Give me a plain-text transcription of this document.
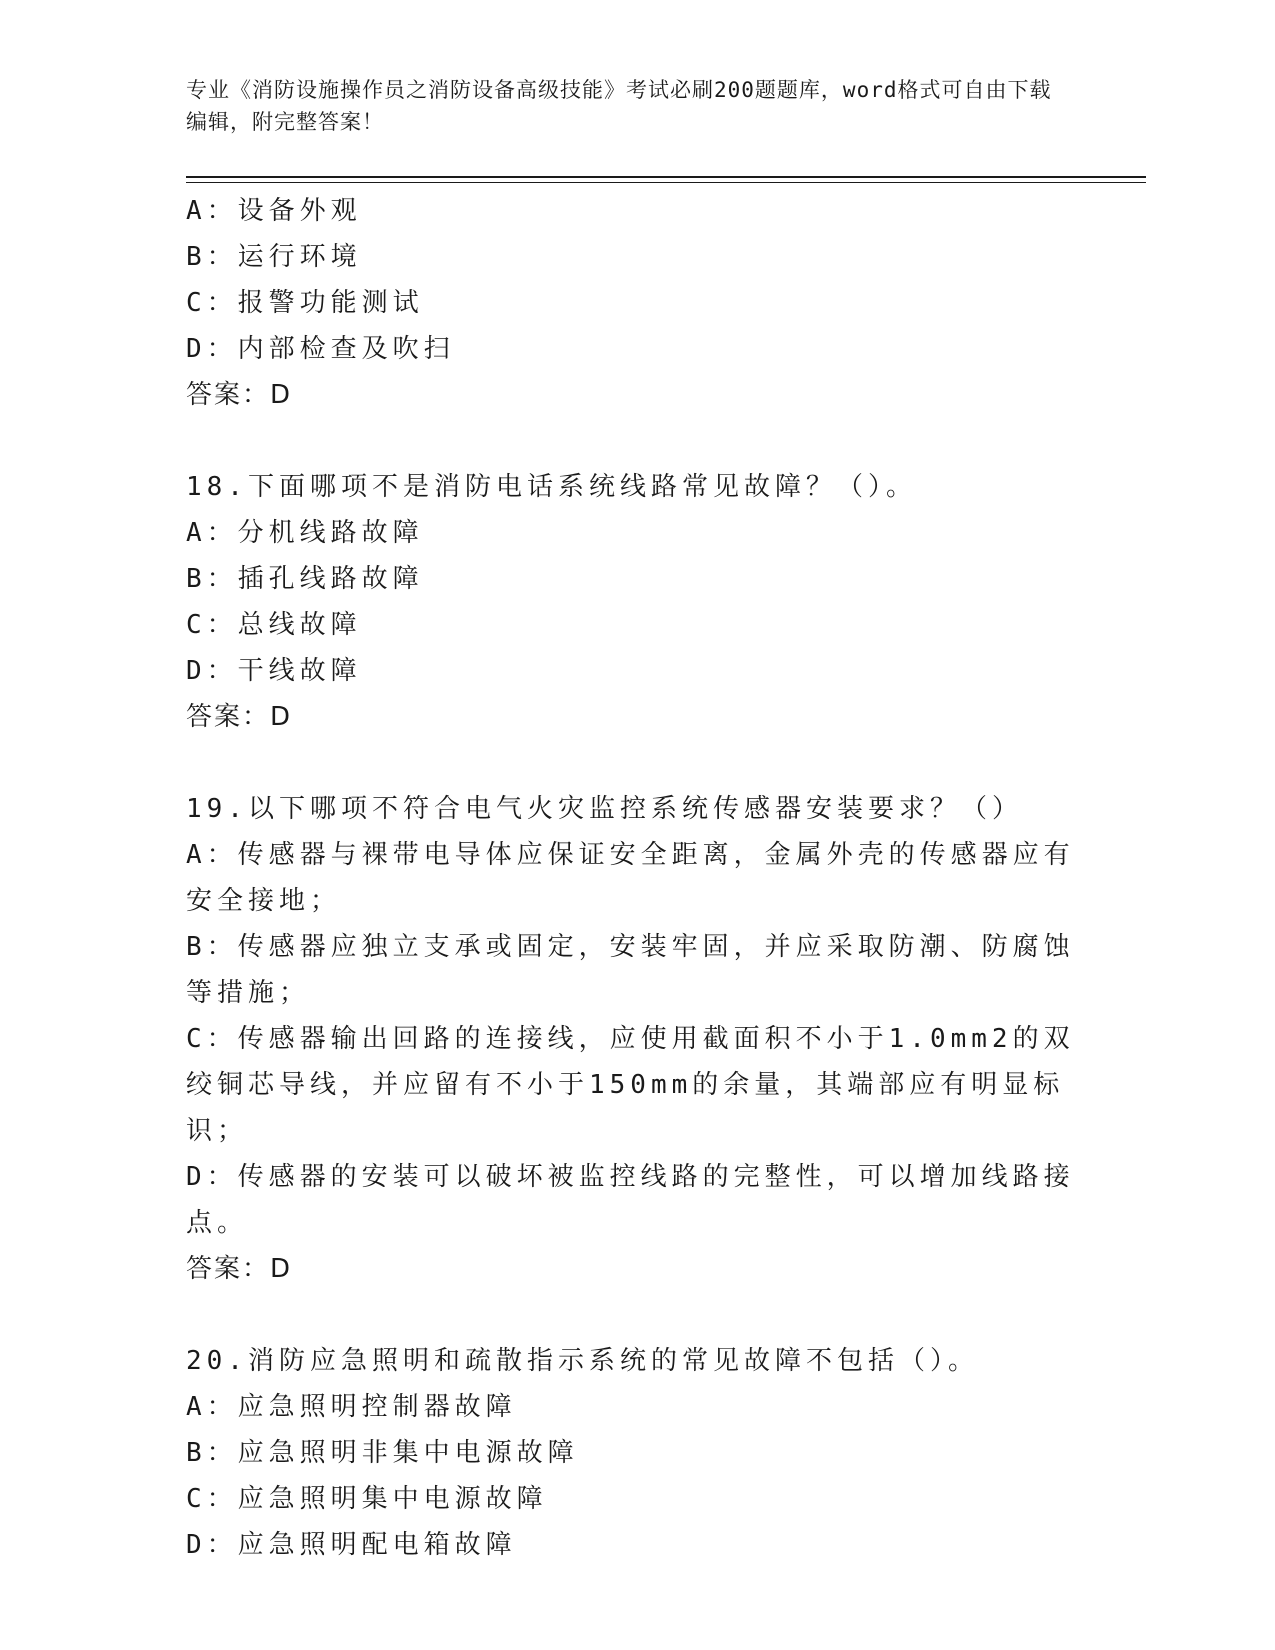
专业《消防设施操作员之消防设备高级技能》考试必刷200题题库，word格式可自由下载编辑，附完整答案！

A：设备外观

B：运行环境

C：报警功能测试

D：内部检查及吹扫

答案：D

18.下面哪项不是消防电话系统线路常见故障？（）。

A：分机线路故障

B：插孔线路故障

C：总线故障

D：干线故障

答案：D

19.以下哪项不符合电气火灾监控系统传感器安装要求？（）

A：传感器与裸带电导体应保证安全距离，金属外壳的传感器应有安全接地；

B：传感器应独立支承或固定，安装牢固，并应采取防潮、防腐蚀等措施；

C：传感器输出回路的连接线，应使用截面积不小于1.0mm2的双绞铜芯导线，并应留有不小于150mm的余量，其端部应有明显标识；

D：传感器的安装可以破坏被监控线路的完整性，可以增加线路接点。

答案：D

20.消防应急照明和疏散指示系统的常见故障不包括（）。

A：应急照明控制器故障

B：应急照明非集中电源故障

C：应急照明集中电源故障

D：应急照明配电箱故障
